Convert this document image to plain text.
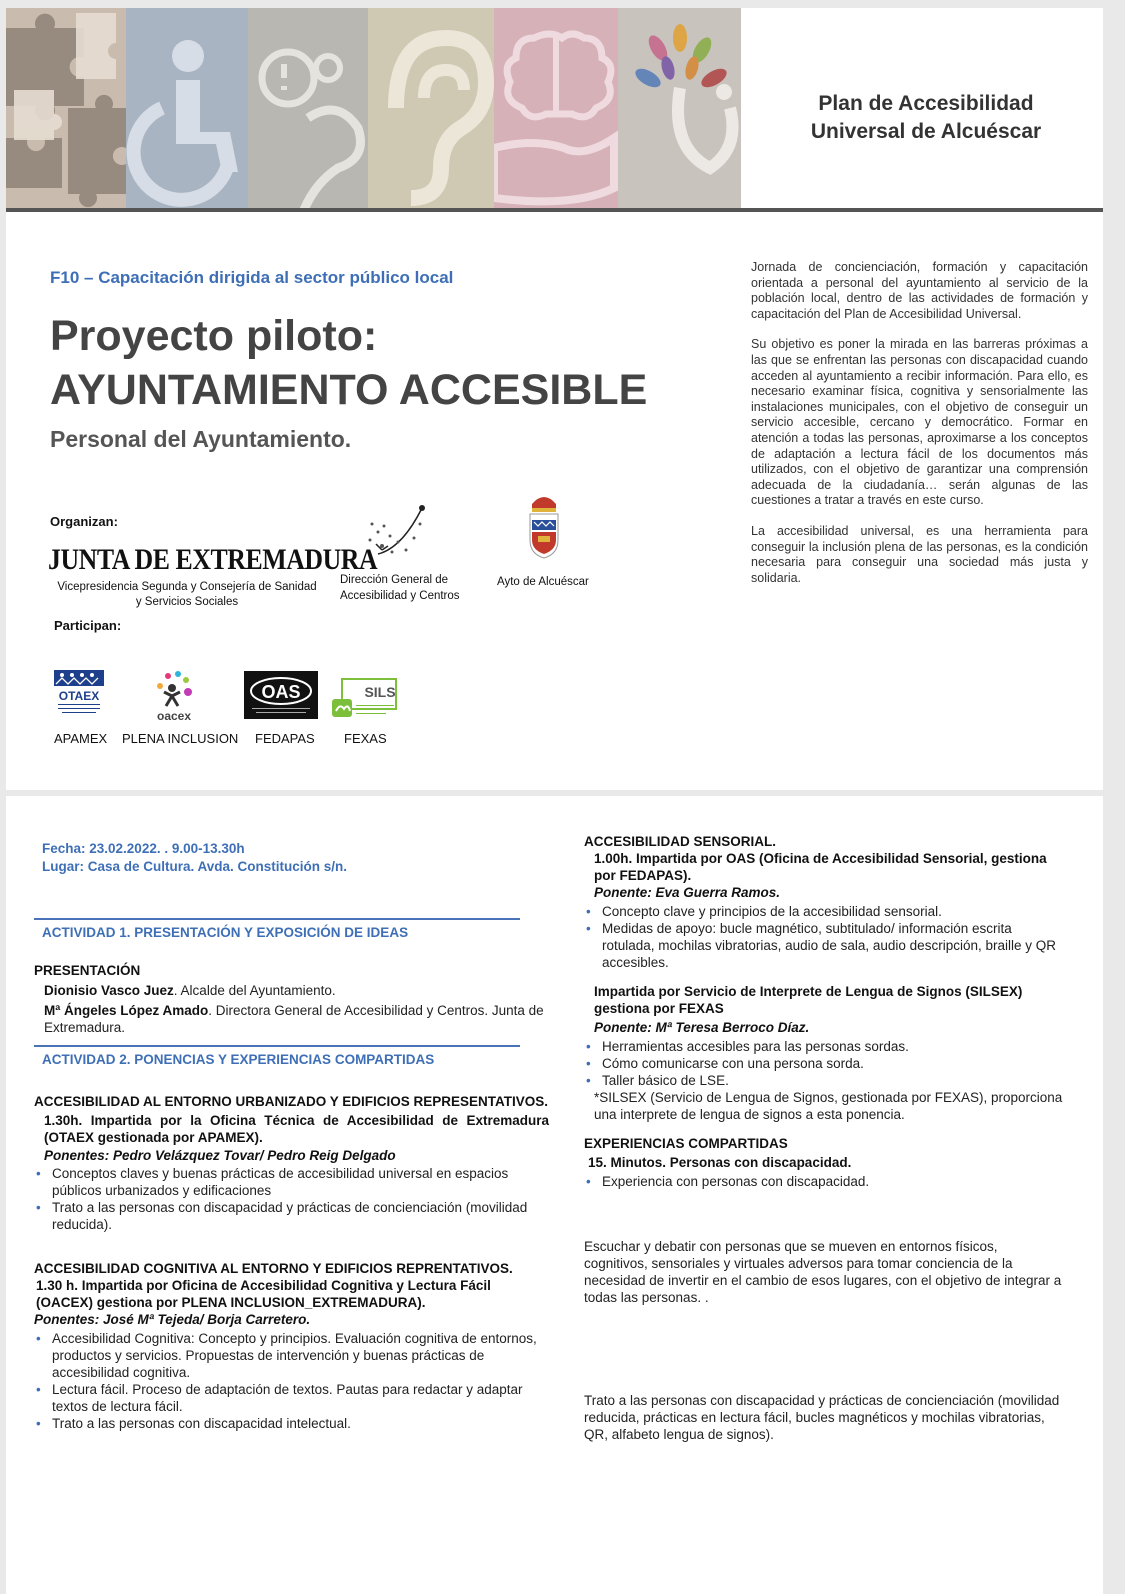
Plan de Accesibilidad
Universal de Alcuéscar
F10 – Capacitación dirigida al sector público local
Proyecto piloto:
AYUNTAMIENTO ACCESIBLE
Personal del Ayuntamiento.
Organizan:
JUNTA DE EXTREMADURA
Vicepresidencia Segunda y Consejería de Sanidad y Servicios Sociales
Dirección General de
Accesibilidad y Centros
Ayto de Alcuéscar
Participan:
OTAEX
oacex
OAS	SILS
APAMEX PLENA INCLUSION FEDAPAS FEXAS

Jornada de concienciación, formación y capacitación orientada a personal del ayuntamiento al servicio de la población local, dentro de las actividades de formación y capacitación del Plan de Accesibilidad Universal.

Su objetivo es poner la mirada en las barreras próximas a las que se enfrentan las personas con discapacidad cuando acceden al ayuntamiento a recibir información. Para ello, es necesario examinar física, cognitiva y sensorialmente las instalaciones municipales, con el objetivo de conseguir un servicio accesible, cercano y democrático. Formar en atención a todas las personas, aproximarse a los conceptos de adaptación a lectura fácil de los documentos más utilizados, con el objetivo de garantizar una comprensión adecuada de la ciudadanía… serán algunas de las cuestiones a tratar a través en este curso.

La accesibilidad universal, es una herramienta para conseguir la inclusión plena de las personas, es la condición necesaria para conseguir una sociedad más justa y solidaria.

Fecha: 23.02.2022. . 9.00-13.30h
Lugar: Casa de Cultura. Avda. Constitución s/n.
ACTIVIDAD 1. PRESENTACIÓN Y EXPOSICIÓN DE IDEAS
PRESENTACIÓN
Dionisio Vasco Juez. Alcalde del Ayuntamiento.
Mª Ángeles López Amado. Directora General de Accesibilidad y Centros. Junta de Extremadura.
ACTIVIDAD 2. PONENCIAS Y EXPERIENCIAS COMPARTIDAS
ACCESIBILIDAD AL ENTORNO URBANIZADO Y EDIFICIOS REPRESENTATIVOS.
1.30h. Impartida por la Oficina Técnica de Accesibilidad de Extremadura (OTAEX gestionada por APAMEX).
Ponentes: Pedro Velázquez Tovar/ Pedro Reig Delgado
• Conceptos claves y buenas prácticas de accesibilidad universal en espacios públicos urbanizados y edificaciones
• Trato a las personas con discapacidad y prácticas de concienciación (movilidad reducida).
ACCESIBILIDAD COGNITIVA AL ENTORNO Y EDIFICIOS REPRENTATIVOS.
1.30 h. Impartida por Oficina de Accesibilidad Cognitiva y Lectura Fácil (OACEX) gestiona por PLENA INCLUSION_EXTREMADURA).
Ponentes: José Mª Tejeda/ Borja Carretero.
• Accesibilidad Cognitiva: Concepto y principios. Evaluación cognitiva de entornos, productos y servicios. Propuestas de intervención y buenas prácticas de accesibilidad cognitiva.
• Lectura fácil. Proceso de adaptación de textos. Pautas para redactar y adaptar textos de lectura fácil.
• Trato a las personas con discapacidad intelectual.
ACCESIBILIDAD SENSORIAL.
1.00h. Impartida por OAS (Oficina de Accesibilidad Sensorial, gestiona por FEDAPAS).
Ponente: Eva Guerra Ramos.
• Concepto clave y principios de la accesibilidad sensorial.
• Medidas de apoyo: bucle magnético, subtitulado/ información escrita rotulada, mochilas vibratorias, audio de sala, audio descripción, braille y QR accesibles.
Impartida por Servicio de Interprete de Lengua de Signos (SILSEX) gestiona por FEXAS
Ponente: Mª Teresa Berroco Díaz.
• Herramientas accesibles para las personas sordas.
• Cómo comunicarse con una persona sorda.
• Taller básico de LSE.
*SILSEX (Servicio de Lengua de Signos, gestionada por FEXAS), proporciona una interprete de lengua de signos a esta ponencia.
EXPERIENCIAS COMPARTIDAS
15. Minutos. Personas con discapacidad.
• Experiencia con personas con discapacidad.
Escuchar y debatir con personas que se mueven en entornos físicos, cognitivos, sensoriales y virtuales adversos para tomar conciencia de la necesidad de invertir en el cambio de esos lugares, con el objetivo de integrar a todas las personas. .
Trato a las personas con discapacidad y prácticas de concienciación (movilidad reducida, prácticas en lectura fácil, bucles magnéticos y mochilas vibratorias, QR, alfabeto lengua de signos).
